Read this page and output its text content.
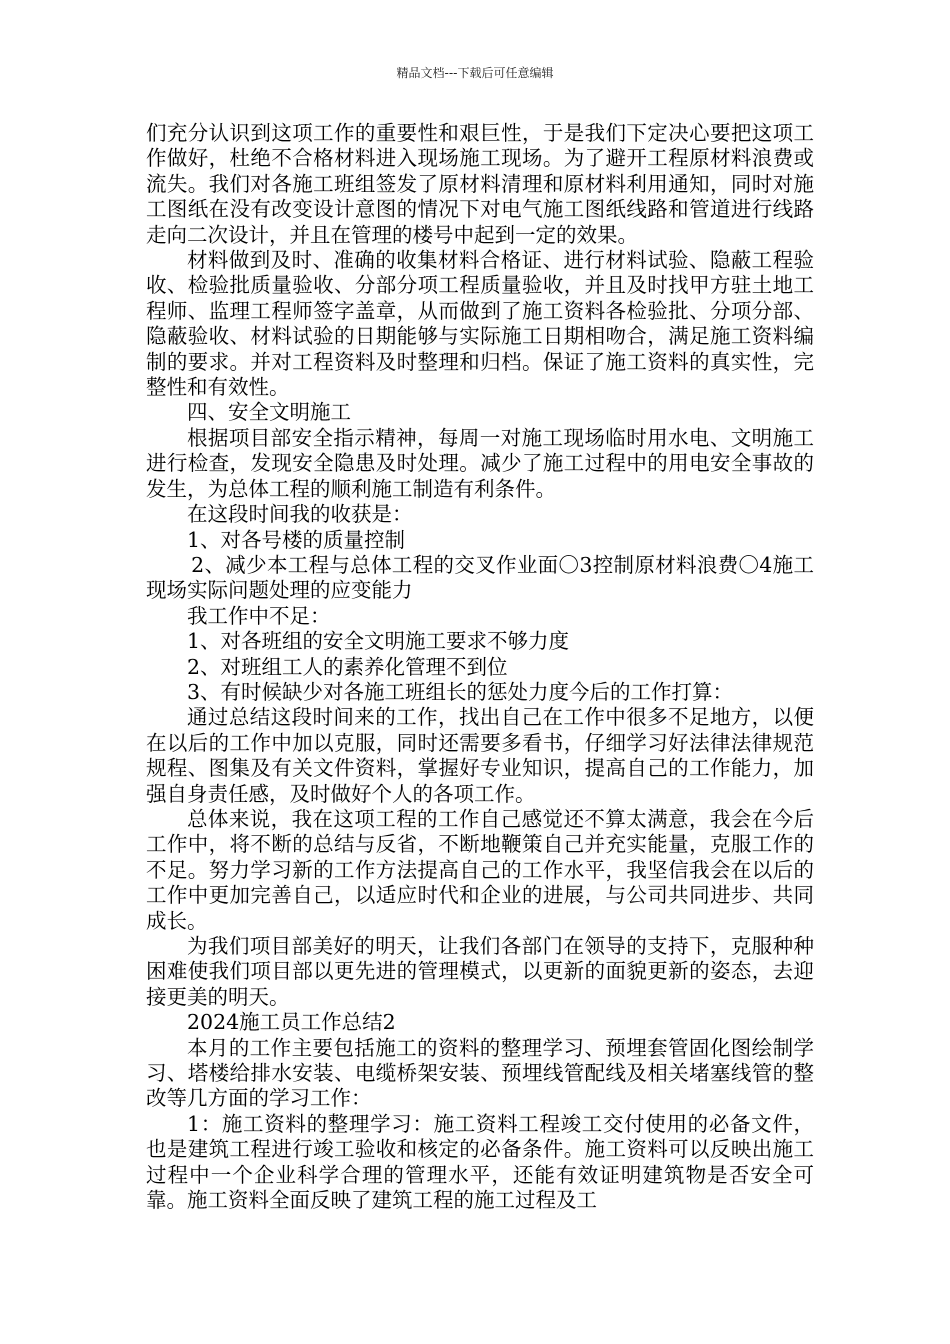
精品文档---下载后可任意编辑

们充分认识到这项工作的重要性和艰巨性，于是我们下定决心要把这项工作做好，杜绝不合格材料进入现场施工现场。为了避开工程原材料浪费或流失。我们对各施工班组签发了原材料清理和原材料利用通知，同时对施工图纸在没有改变设计意图的情况下对电气施工图纸线路和管道进行线路走向二次设计，并且在管理的楼号中起到一定的效果。

材料做到及时、准确的收集材料合格证、进行材料试验、隐蔽工程验收、检验批质量验收、分部分项工程质量验收，并且及时找甲方驻土地工程师、监理工程师签字盖章，从而做到了施工资料各检验批、分项分部、隐蔽验收、材料试验的日期能够与实际施工日期相吻合，满足施工资料编制的要求。并对工程资料及时整理和归档。保证了施工资料的真实性，完整性和有效性。

四、安全文明施工

根据项目部安全指示精神，每周一对施工现场临时用水电、文明施工进行检查，发现安全隐患及时处理。减少了施工过程中的用电安全事故的发生，为总体工程的顺利施工制造有利条件。

在这段时间我的收获是：

1、对各号楼的质量控制

2、减少本工程与总体工程的交叉作业面〇3控制原材料浪费〇4施工现场实际问题处理的应变能力

我工作中不足：

1、对各班组的安全文明施工要求不够力度

2、对班组工人的素养化管理不到位

3、有时候缺少对各施工班组长的惩处力度今后的工作打算：

通过总结这段时间来的工作，找出自己在工作中很多不足地方，以便在以后的工作中加以克服，同时还需要多看书，仔细学习好法律法律规范规程、图集及有关文件资料，掌握好专业知识，提高自己的工作能力，加强自身责任感，及时做好个人的各项工作。

总体来说，我在这项工程的工作自己感觉还不算太满意，我会在今后工作中，将不断的总结与反省，不断地鞭策自己并充实能量，克服工作的不足。努力学习新的工作方法提高自己的工作水平，我坚信我会在以后的工作中更加完善自己，以适应时代和企业的进展，与公司共同进步、共同成长。

为我们项目部美好的明天，让我们各部门在领导的支持下，克服种种困难使我们项目部以更先进的管理模式，以更新的面貌更新的姿态，去迎接更美的明天。

2024施工员工作总结2

本月的工作主要包括施工的资料的整理学习、预埋套管固化图绘制学习、塔楼给排水安装、电缆桥架安装、预埋线管配线及相关堵塞线管的整改等几方面的学习工作：

1：施工资料的整理学习：施工资料工程竣工交付使用的必备文件，也是建筑工程进行竣工验收和核定的必备条件。施工资料可以反映出施工过程中一个企业科学合理的管理水平，还能有效证明建筑物是否安全可靠。施工资料全面反映了建筑工程的施工过程及工
